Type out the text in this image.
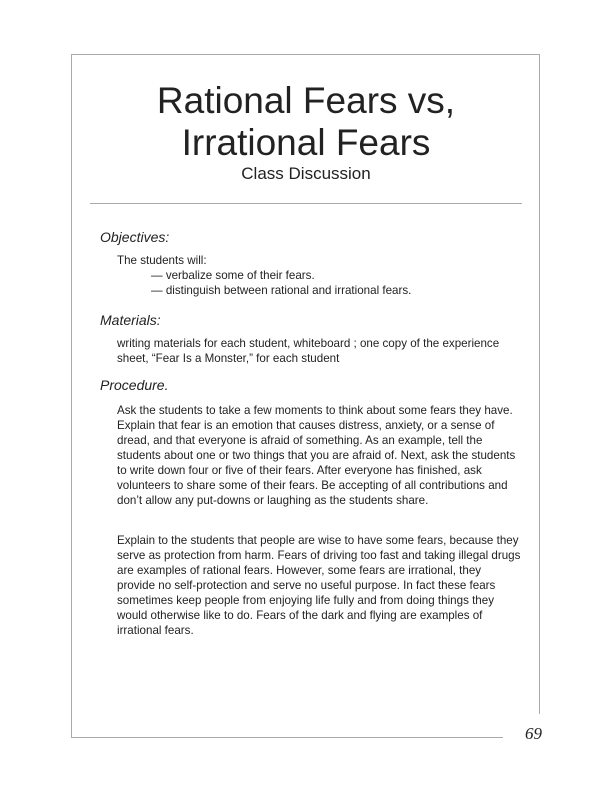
Rational Fears vs,
Irrational Fears
Class Discussion
Objectives:

The students will:

— verbalize some of their fears.

— distinguish between rational and irrational fears.

Materials:

writing materials for each student, whiteboard ; one copy of the experience sheet, “Fear Is a Monster,” for each student

Procedure.

Ask the students to take a few moments to think about some fears they have. Explain that fear is an emotion that causes distress, anxiety, or a sense of dread, and that everyone is afraid of something. As an example, tell the students about one or two things that you are afraid of. Next, ask the students to write down four or five of their fears. After everyone has finished, ask volunteers to share some of their fears. Be accepting of all contributions and don’t allow any put-downs or laughing as the students share.

Explain to the students that people are wise to have some fears, because they serve as protection from harm. Fears of driving too fast and taking illegal drugs are examples of rational fears. However, some fears are irrational, they provide no self-protection and serve no useful purpose. In fact these fears sometimes keep people from enjoying life fully and from doing things they would otherwise like to do. Fears of the dark and flying are examples of irrational fears.

69
